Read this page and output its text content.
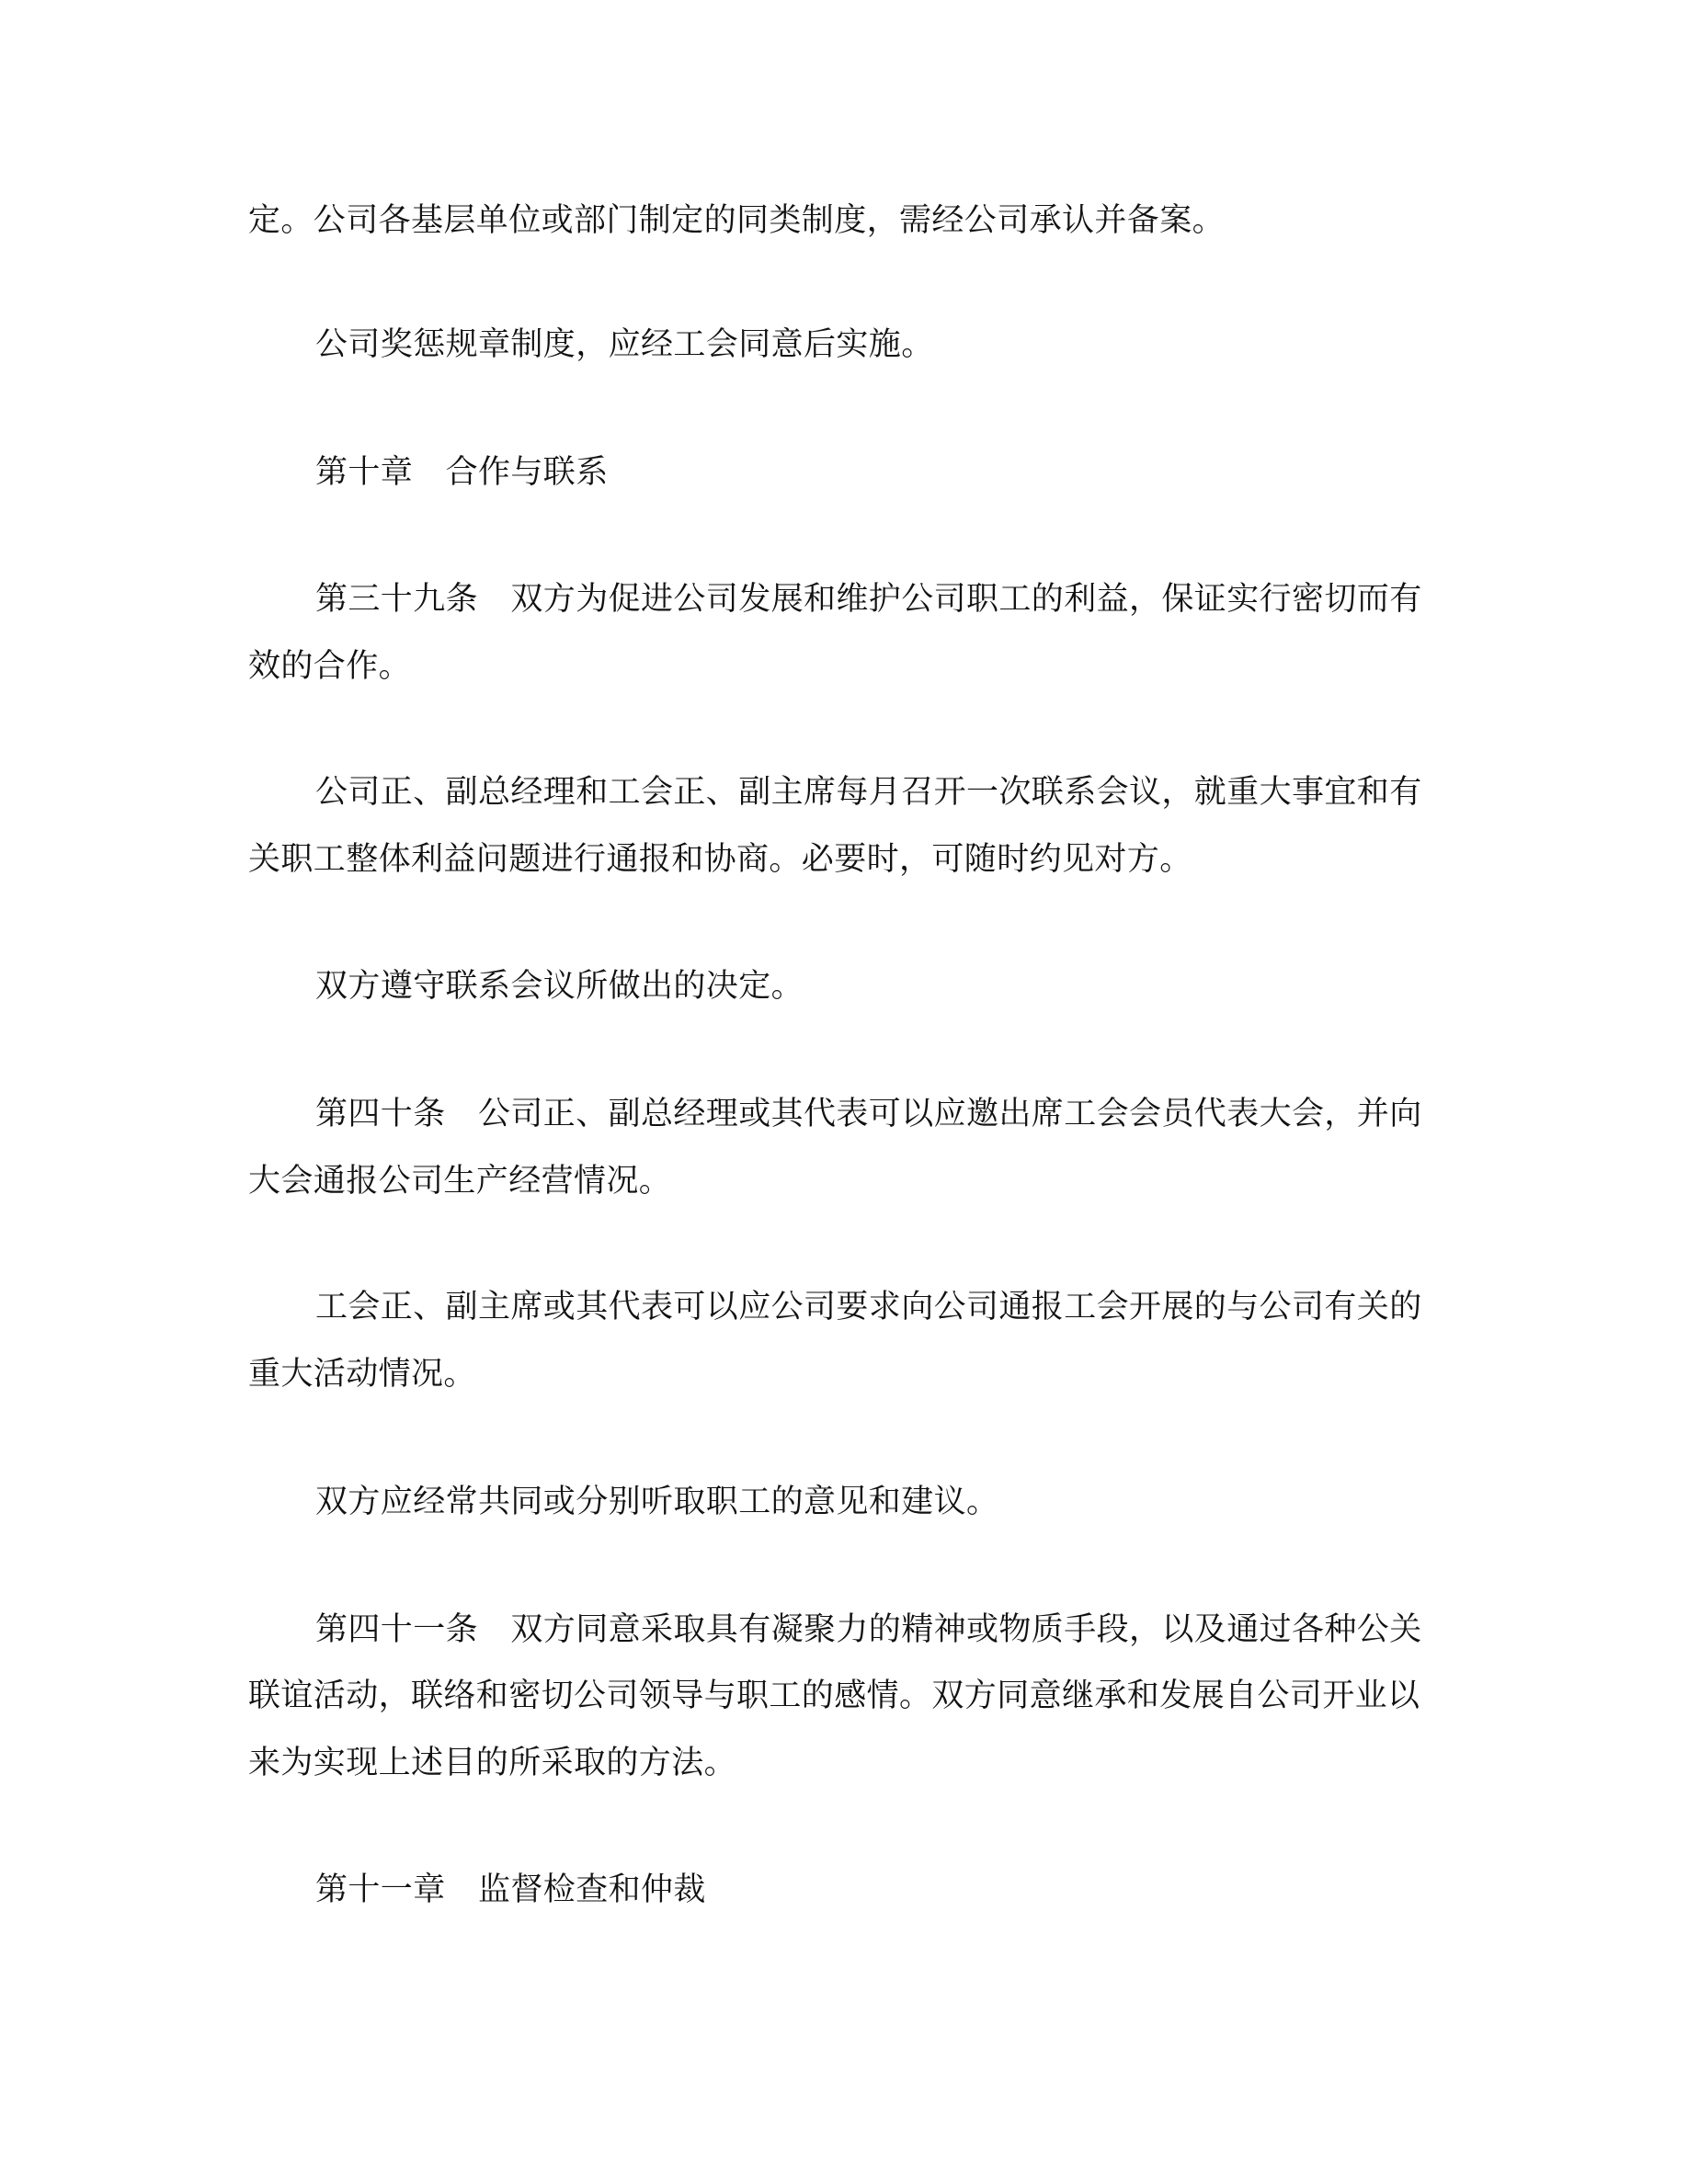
定。公司各基层单位或部门制定的同类制度，需经公司承认并备案。
公司奖惩规章制度，应经工会同意后实施。
第十章　合作与联系
第三十九条　双方为促进公司发展和维护公司职工的利益，保证实行密切而有
效的合作。
公司正、副总经理和工会正、副主席每月召开一次联系会议，就重大事宜和有
关职工整体利益问题进行通报和协商。必要时，可随时约见对方。
双方遵守联系会议所做出的决定。
第四十条　公司正、副总经理或其代表可以应邀出席工会会员代表大会，并向
大会通报公司生产经营情况。
工会正、副主席或其代表可以应公司要求向公司通报工会开展的与公司有关的
重大活动情况。
双方应经常共同或分别听取职工的意见和建议。
第四十一条　双方同意采取具有凝聚力的精神或物质手段，以及通过各种公关
联谊活动，联络和密切公司领导与职工的感情。双方同意继承和发展自公司开业以
来为实现上述目的所采取的方法。
第十一章　监督检查和仲裁
